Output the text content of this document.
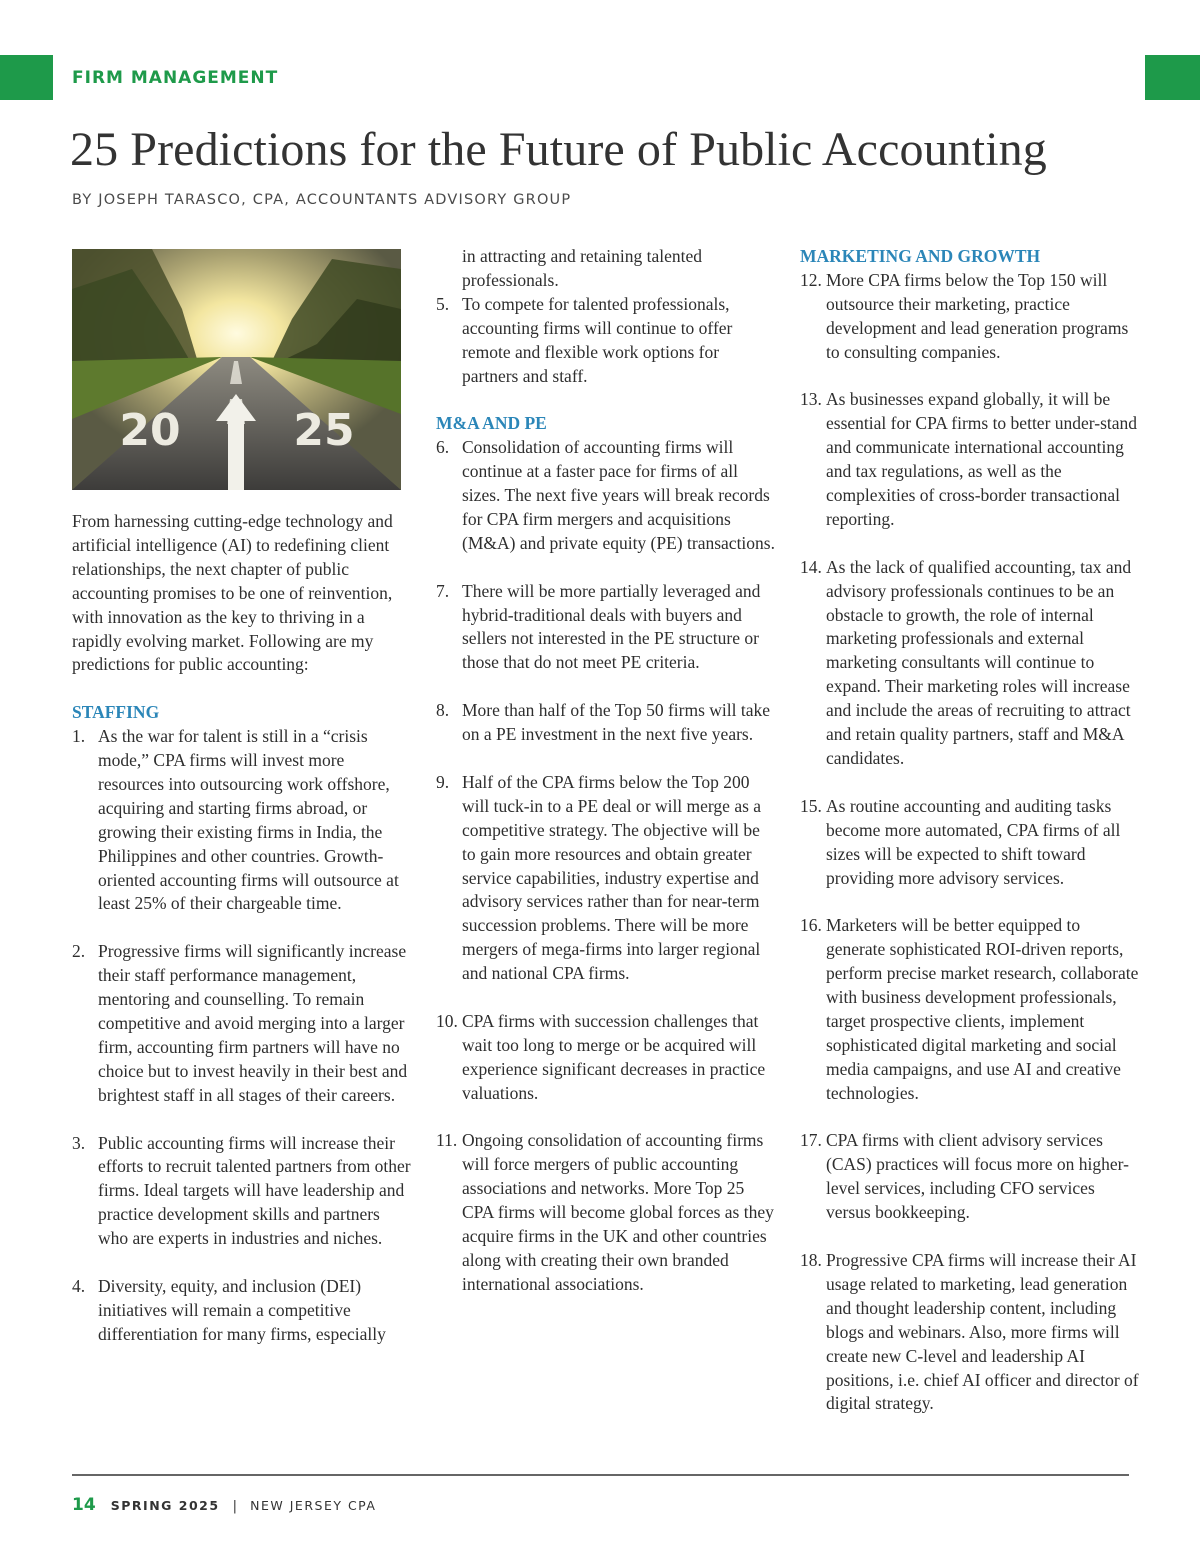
FIRM MANAGEMENT
25 Predictions for the Future of Public Accounting
BY JOSEPH TARASCO, CPA, ACCOUNTANTS ADVISORY GROUP
20	25

From harnessing cutting-edge technology and artificial intelligence (AI) to redefining client relationships, the next chapter of public accounting promises to be one of reinvention, with innovation as the key to thriving in a rapidly evolving market. Following are my predictions for public accounting:

STAFFING

1. As the war for talent is still in a “crisis mode,” CPA firms will invest more resources into outsourcing work offshore, acquiring and starting firms abroad, or growing their existing firms in India, the Philippines and other countries. Growth-oriented accounting firms will outsource at least 25% of their chargeable time.
2. Progressive firms will significantly increase their staff performance management, mentoring and counselling. To remain competitive and avoid merging into a larger firm, accounting firm partners will have no choice but to invest heavily in their best and brightest staff in all stages of their careers.
3. Public accounting firms will increase their efforts to recruit talented partners from other firms. Ideal targets will have leadership and practice development skills and partners who are experts in industries and niches.
4. Diversity, equity, and inclusion (DEI) initiatives will remain a competitive differentiation for many firms, especially

in attracting and retaining talented professionals.

5. To compete for talented professionals, accounting firms will continue to offer remote and flexible work options for partners and staff.

M&A AND PE

6. Consolidation of accounting firms will continue at a faster pace for firms of all sizes. The next five years will break records for CPA firm mergers and acquisitions (M&A) and private equity (PE) transactions.
7. There will be more partially leveraged and hybrid-traditional deals with buyers and sellers not interested in the PE structure or those that do not meet PE criteria.
8. More than half of the Top 50 firms will take on a PE investment in the next five years.
9. Half of the CPA firms below the Top 200 will tuck-in to a PE deal or will merge as a competitive strategy. The objective will be to gain more resources and obtain greater service capabilities, industry expertise and advisory services rather than for near-term succession problems. There will be more mergers of mega-firms into larger regional and national CPA firms.
10. CPA firms with succession challenges that wait too long to merge or be acquired will experience significant decreases in practice valuations.
11. Ongoing consolidation of accounting firms will force mergers of public accounting associations and networks. More Top 25 CPA firms will become global forces as they acquire firms in the UK and other countries along with creating their own branded international associations.

MARKETING AND GROWTH

12. More CPA firms below the Top 150 will outsource their marketing, practice development and lead generation programs to consulting companies.
13. As businesses expand globally, it will be essential for CPA firms to better under-stand and communicate international accounting and tax regulations, as well as the complexities of cross-border transactional reporting.
14. As the lack of qualified accounting, tax and advisory professionals continues to be an obstacle to growth, the role of internal marketing professionals and external marketing consultants will continue to expand. Their marketing roles will increase and include the areas of recruiting to attract and retain quality partners, staff and M&A candidates.
15. As routine accounting and auditing tasks become more automated, CPA firms of all sizes will be expected to shift toward providing more advisory services.
16. Marketers will be better equipped to generate sophisticated ROI-driven reports, perform precise market research, collaborate with business development professionals, target prospective clients, implement sophisticated digital marketing and social media campaigns, and use AI and creative technologies.
17. CPA firms with client advisory services (CAS) practices will focus more on higher-level services, including CFO services versus bookkeeping.
18. Progressive CPA firms will increase their AI usage related to marketing, lead generation and thought leadership content, including blogs and webinars. Also, more firms will create new C-level and leadership AI positions, i.e. chief AI officer and director of digital strategy.
14 SPRING 2025 | NEW JERSEY CPA
